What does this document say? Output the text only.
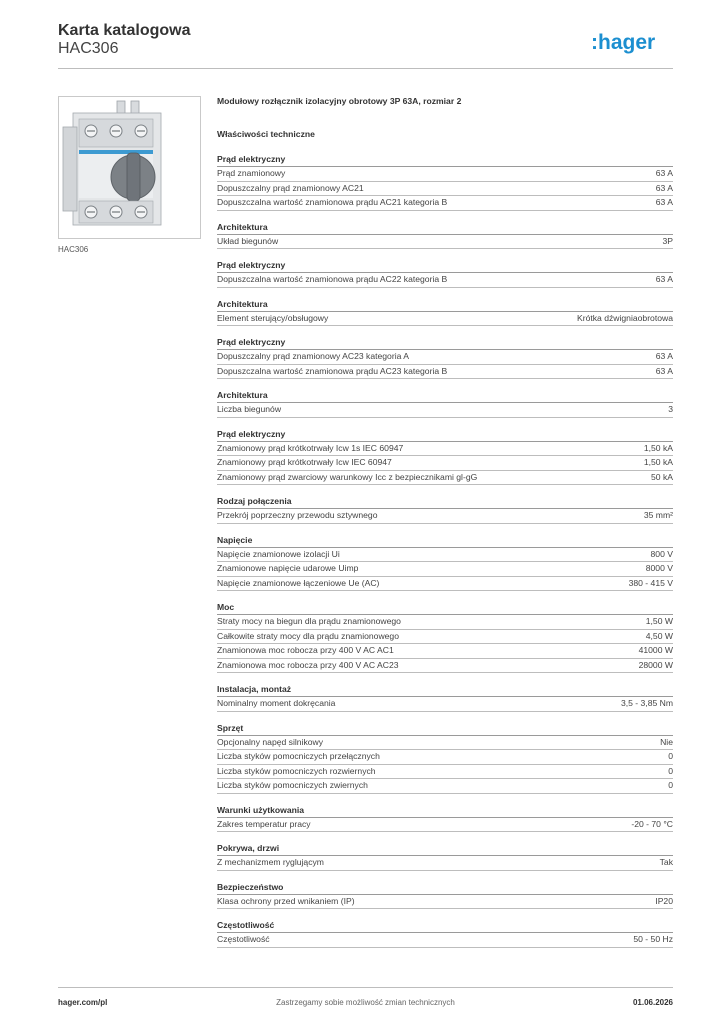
Karta katalogowa
HAC306	:hager
HAC306
Modułowy rozłącznik izolacyjny obrotowy 3P 63A, rozmiar 2
Właściwości techniczne
Prąd elektryczny
Prąd znamionowy	63 A
Dopuszczalny prąd znamionowy AC21	63 A
Dopuszczalna wartość znamionowa prądu AC21 kategoria B	63 A
Architektura
Układ biegunów	3P
Prąd elektryczny
Dopuszczalna wartość znamionowa prądu AC22 kategoria B	63 A
Architektura
Element sterujący/obsługowy	Krótka dźwigniaobrotowa
Prąd elektryczny
Dopuszczalny prąd znamionowy AC23 kategoria A	63 A
Dopuszczalna wartość znamionowa prądu AC23 kategoria B	63 A
Architektura
Liczba biegunów	3
Prąd elektryczny
Znamionowy prąd krótkotrwały Icw 1s IEC 60947	1,50 kA
Znamionowy prąd krótkotrwały Icw IEC 60947	1,50 kA
Znamionowy prąd zwarciowy warunkowy Icc z bezpiecznikami gl-gG	50 kA
Rodzaj połączenia
Przekrój poprzeczny przewodu sztywnego	35 mm²
Napięcie
Napięcie znamionowe izolacji Ui	800 V
Znamionowe napięcie udarowe Uimp	8000 V
Napięcie znamionowe łączeniowe Ue (AC)	380 - 415 V
Moc
Straty mocy na biegun dla prądu znamionowego	1,50 W
Całkowite straty mocy dla prądu znamionowego	4,50 W
Znamionowa moc robocza przy 400 V AC AC1	41000 W
Znamionowa moc robocza przy 400 V AC AC23	28000 W
Instalacja, montaż
Nominalny moment dokręcania	3,5 - 3,85 Nm
Sprzęt
Opcjonalny napęd silnikowy	Nie
Liczba styków pomocniczych przełącznych	0
Liczba styków pomocniczych rozwiernych	0
Liczba styków pomocniczych zwiernych	0
Warunki użytkowania
Zakres temperatur pracy	-20 - 70 °C
Pokrywa, drzwi
Z mechanizmem ryglującym	Tak
Bezpieczeństwo
Klasa ochrony przed wnikaniem (IP)	IP20
Częstotliwość
Częstotliwość	50 - 50 Hz
hager.com/pl	Zastrzegamy sobie możliwość zmian technicznych	01.06.2026
